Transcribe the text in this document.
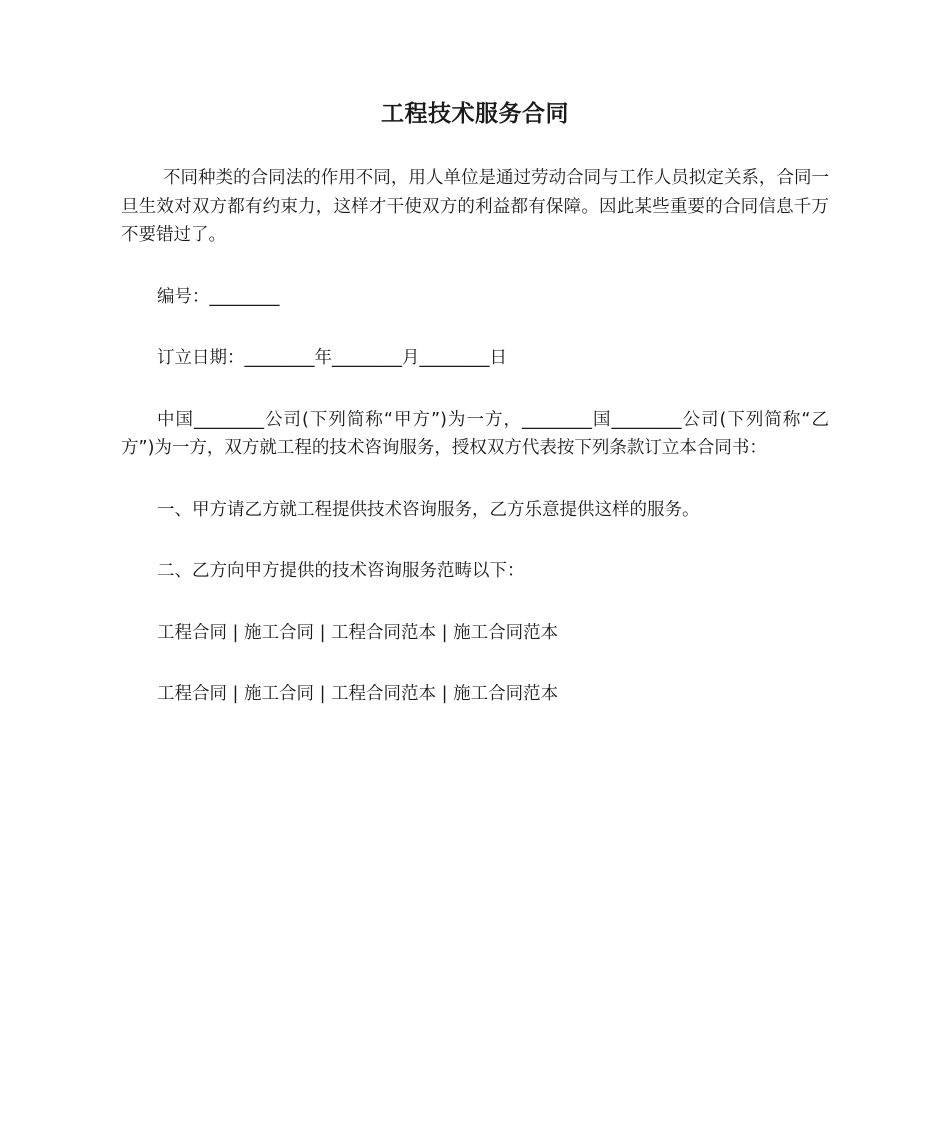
工程技术服务合同

不同种类的合同法的作用不同，用人单位是通过劳动合同与工作人员拟定关系，合同一旦生效对双方都有约束力，这样才干使双方的利益都有保障。因此某些重要的合同信息千万不要错过了。

编号：________

订立日期：________年________月________日

中国________公司(下列简称“甲方”)为一方，________国________公司(下列简称“乙方”)为一方，双方就工程的技术咨询服务，授权双方代表按下列条款订立本合同书：

一、甲方请乙方就工程提供技术咨询服务，乙方乐意提供这样的服务。

二、乙方向甲方提供的技术咨询服务范畴以下：

工程合同 | 施工合同 | 工程合同范本 | 施工合同范本

工程合同 | 施工合同 | 工程合同范本 | 施工合同范本
